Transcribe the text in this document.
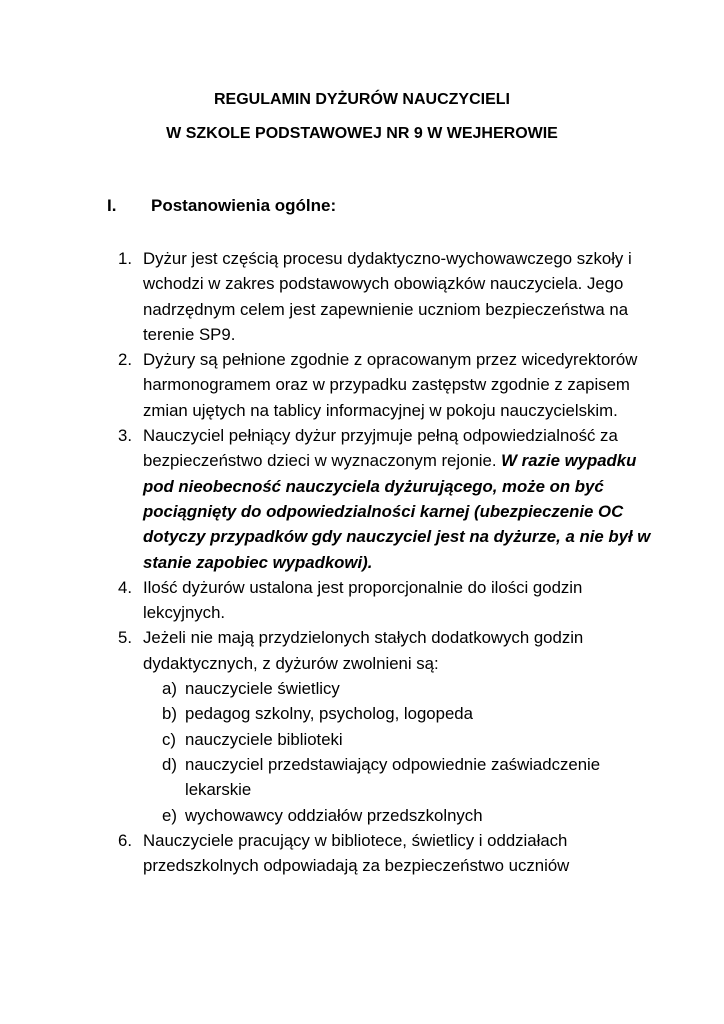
REGULAMIN DYŻURÓW NAUCZYCIELI
W SZKOLE PODSTAWOWEJ NR 9 W WEJHEROWIE
I. Postanowienia ogólne:
1. Dyżur jest częścią procesu dydaktyczno-wychowawczego szkoły i wchodzi w zakres podstawowych obowiązków nauczyciela. Jego nadrzędnym celem jest zapewnienie uczniom bezpieczeństwa na terenie SP9.
2. Dyżury są pełnione zgodnie z opracowanym przez wicedyrektorów harmonogramem oraz w przypadku zastępstw zgodnie z zapisem zmian ujętych na tablicy informacyjnej w pokoju nauczycielskim.
3. Nauczyciel pełniący dyżur przyjmuje pełną odpowiedzialność za bezpieczeństwo dzieci w wyznaczonym rejonie. W razie wypadku pod nieobecność nauczyciela dyżurującego, może on być pociągnięty do odpowiedzialności karnej (ubezpieczenie OC dotyczy przypadków gdy nauczyciel jest na dyżurze, a nie był w stanie zapobiec wypadkowi).
4. Ilość dyżurów ustalona jest proporcjonalnie do ilości godzin lekcyjnych.
5. Jeżeli nie mają przydzielonych stałych dodatkowych godzin dydaktycznych, z dyżurów zwolnieni są:
a) nauczyciele świetlicy
b) pedagog szkolny, psycholog, logopeda
c) nauczyciele biblioteki
d) nauczyciel przedstawiający odpowiednie zaświadczenie lekarskie
e) wychowawcy oddziałów przedszkolnych
6. Nauczyciele pracujący w bibliotece, świetlicy i oddziałach przedszkolnych odpowiadają za bezpieczeństwo uczniów
